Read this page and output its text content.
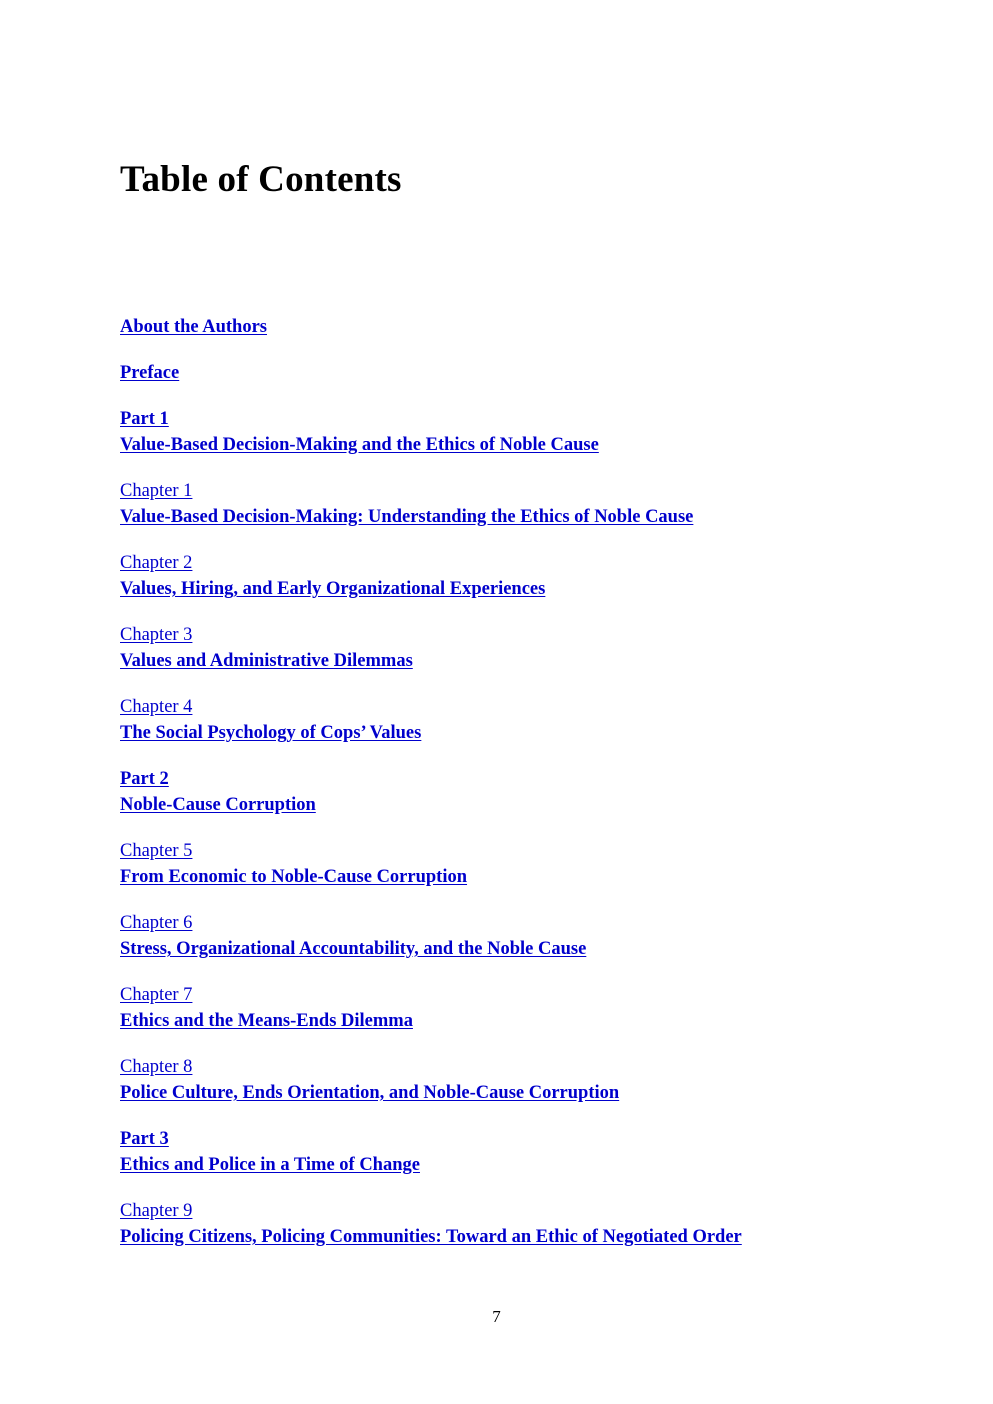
Table of Contents
About the Authors
Preface
Part 1
Value-Based Decision-Making and the Ethics of Noble Cause
Chapter 1
Value-Based Decision-Making: Understanding the Ethics of Noble Cause
Chapter 2
Values, Hiring, and Early Organizational Experiences
Chapter 3
Values and Administrative Dilemmas
Chapter 4
The Social Psychology of Cops’ Values
Part 2
Noble-Cause Corruption
Chapter 5
From Economic to Noble-Cause Corruption
Chapter 6
Stress, Organizational Accountability, and the Noble Cause
Chapter 7
Ethics and the Means-Ends Dilemma
Chapter 8
Police Culture, Ends Orientation, and Noble-Cause Corruption
Part 3
Ethics and Police in a Time of Change
Chapter 9
Policing Citizens, Policing Communities: Toward an Ethic of Negotiated Order
7
